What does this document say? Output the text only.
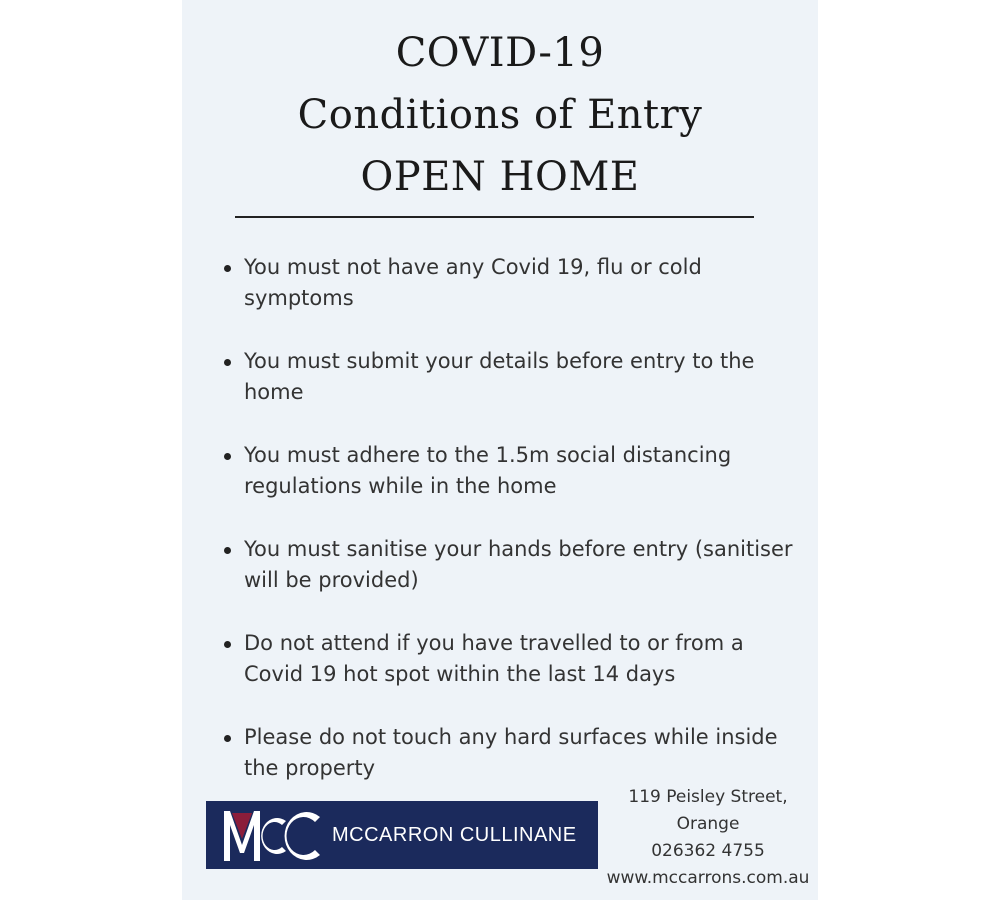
COVID-19
Conditions of Entry
OPEN HOME
You must not have any Covid 19, flu or cold symptoms
You must submit your details before entry to the home
You must adhere to the 1.5m social distancing regulations while in the home
You must sanitise your hands before entry (sanitiser will be provided)
Do not attend if you have travelled to or from a Covid 19 hot spot within the last 14 days
Please do not touch any hard surfaces while inside the property
MCCARRON CULLINANE
119 Peisley Street,
Orange
026362 4755
www.mccarrons.com.au
